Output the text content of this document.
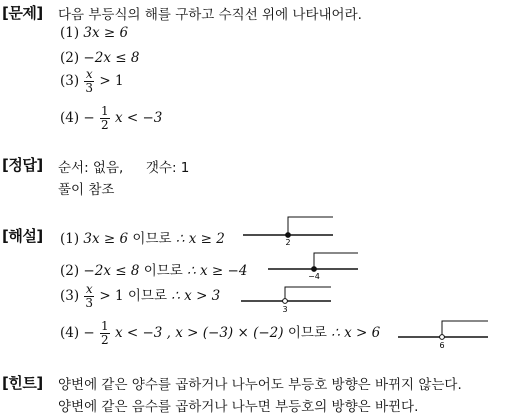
[문제] 다음 부등식의 해를 구하고 수직선 위에 나타내어라.
(1) 3x ≥ 6
(2) −2x ≤ 8
$(3) \frac{x}{3} > 1$
$(4) - \frac{1}{2}$ x < −3
[정답] 순서: 없음, 갯수: 1
풀이 참조
[해설] (1) 3x ≥ 6 이므로 ∴ x ≥ 2
(2) −2x ≤ 8 이므로 ∴ x ≥ −4
$(3) \frac{x}{3} > 1$ 이므로 ∴ x > 3
$(4) - \frac{1}{2}$ x < −3 , x > (−3) × (−2) 이므로 ∴ x > 6
2
−4
3
6
[힌트] 양변에 같은 양수를 곱하거나 나누어도 부등호 방향은 바뀌지 않는다.
양변에 같은 음수를 곱하거나 나누면 부등호의 방향은 바뀐다.
